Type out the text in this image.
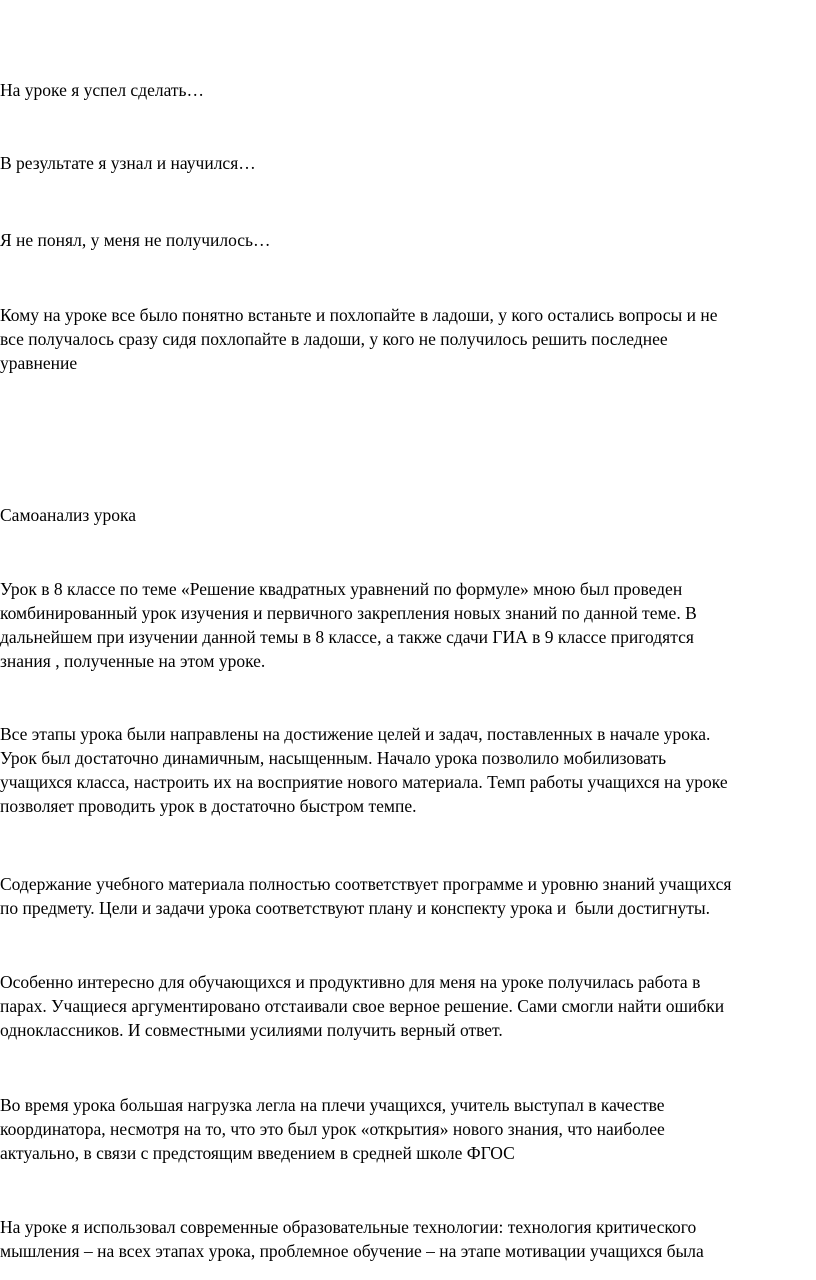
На уроке я успел сделать…

В результате я узнал и научился…

Я не понял, у меня не получилось…

Кому на уроке все было понятно встаньте и похлопайте в ладоши, у кого остались вопросы и не
все получалось сразу сидя похлопайте в ладоши, у кого не получилось решить последнее
уравнение

Самоанализ урока

Урок в 8 классе по теме «Решение квадратных уравнений по формуле» мною был проведен
комбинированный урок изучения и первичного закрепления новых знаний по данной теме. В
дальнейшем при изучении данной темы в 8 классе, а также сдачи ГИА в 9 классе пригодятся
знания , полученные на этом уроке.

Все этапы урока были направлены на достижение целей и задач, поставленных в начале урока.
Урок был достаточно динамичным, насыщенным. Начало урока позволило мобилизовать
учащихся класса, настроить их на восприятие нового материала. Темп работы учащихся на уроке
позволяет проводить урок в достаточно быстром темпе.

Содержание учебного материала полностью соответствует программе и уровню знаний учащихся
по предмету. Цели и задачи урока соответствуют плану и конспекту урока и  были достигнуты.

Особенно интересно для обучающихся и продуктивно для меня на уроке получилась работа в
парах. Учащиеся аргументировано отстаивали свое верное решение. Сами смогли найти ошибки
одноклассников. И совместными усилиями получить верный ответ.

Во время урока большая нагрузка легла на плечи учащихся, учитель выступал в качестве
координатора, несмотря на то, что это был урок «открытия» нового знания, что наиболее
актуально, в связи с предстоящим введением в средней школе ФГОС

На уроке я использовал современные образовательные технологии: технология критического
мышления – на всех этапах урока, проблемное обучение – на этапе мотивации учащихся была
